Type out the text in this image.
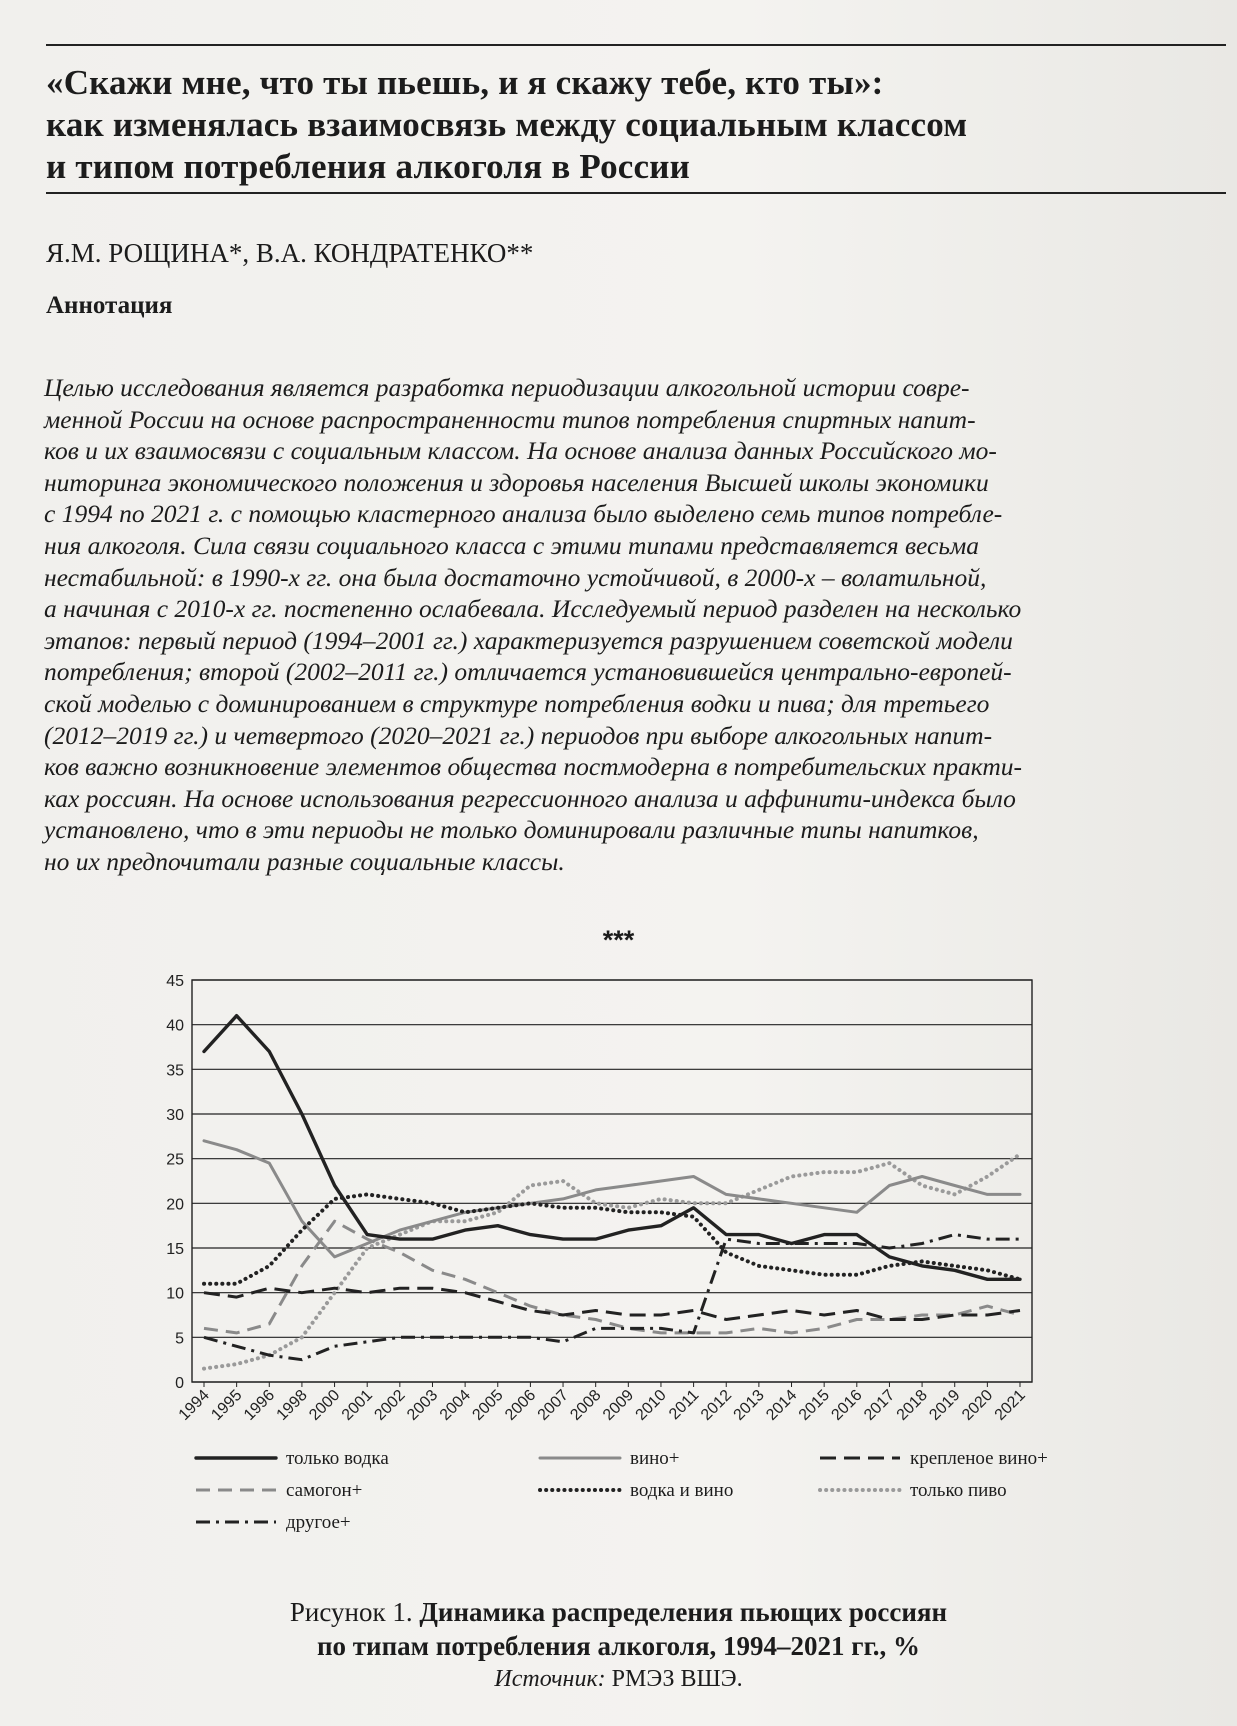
«Скажи мне, что ты пьешь, и я скажу тебе, кто ты»:
как изменялась взаимосвязь между социальным классом
и типом потребления алкоголя в России
Я.М. РОЩИНА*, В.А. КОНДРАТЕНКО**
Аннотация
Целью исследования является разработка периодизации алкогольной истории совре-
менной России на основе распространенности типов потребления спиртных напит-
ков и их взаимосвязи с социальным классом. На основе анализа данных Российского мо-
ниторинга экономического положения и здоровья населения Высшей школы экономики
с 1994 по 2021 г. с помощью кластерного анализа было выделено семь типов потребле-
ния алкоголя. Сила связи социального класса с этими типами представляется весьма
нестабильной: в 1990-х гг. она была достаточно устойчивой, в 2000-х – волатильной,
а начиная с 2010-х гг. постепенно ослабевала. Исследуемый период разделен на несколько
этапов: первый период (1994–2001 гг.) характеризуется разрушением советской модели
потребления; второй (2002–2011 гг.) отличается установившейся центрально-европей-
ской моделью с доминированием в структуре потребления водки и пива; для третьего
(2012–2019 гг.) и четвертого (2020–2021 гг.) периодов при выборе алкогольных напит-
ков важно возникновение элементов общества постмодерна в потребительских практи-
ках россиян. На основе использования регрессионного анализа и аффинити-индекса было
установлено, что в эти периоды не только доминировали различные типы напитков,
но их предпочитали разные социальные классы.
***
0
5
10
15
20
25
30
35
40
45
1994
1995
1996
1998
2000
2001
2002
2003
2004
2005
2006
2007
2008
2009
2010
2011
2012
2013
2014
2015
2016
2017
2018
2019
2020
2021
только водка	вино+	крепленое вино+
самогон+	водка и вино	только пиво
другое+
Рисунок 1. Динамика распределения пьющих россиян
по типам потребления алкоголя, 1994–2021 гг., %
Источник: РМЭЗ ВШЭ.
